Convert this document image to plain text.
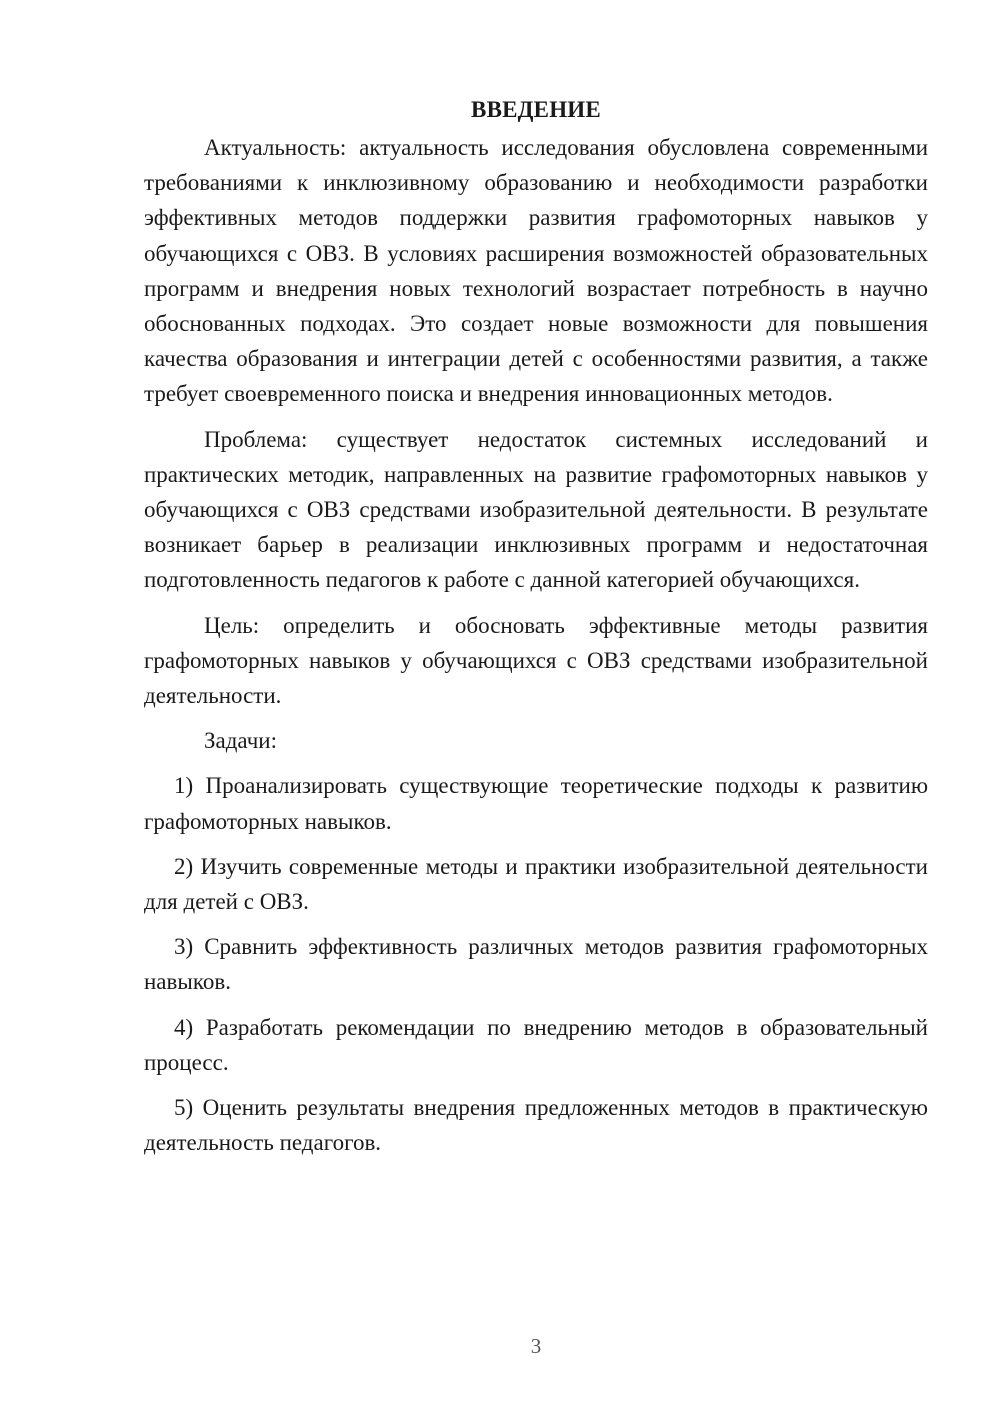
ВВЕДЕНИЕ

Актуальность: актуальность исследования обусловлена современными требованиями к инклюзивному образованию и необходимости разработки эффективных методов поддержки развития графомоторных навыков у обучающихся с ОВЗ. В условиях расширения возможностей образовательных программ и внедрения новых технологий возрастает потребность в научно обоснованных подходах. Это создает новые возможности для повышения качества образования и интеграции детей с особенностями развития, а также требует своевременного поиска и внедрения инновационных методов.

Проблема: существует недостаток системных исследований и практических методик, направленных на развитие графомоторных навыков у обучающихся с ОВЗ средствами изобразительной деятельности. В результате возникает барьер в реализации инклюзивных программ и недостаточная подготовленность педагогов к работе с данной категорией обучающихся.

Цель: определить и обосновать эффективные методы развития графомоторных навыков у обучающихся с ОВЗ средствами изобразительной деятельности.

Задачи:

1) Проанализировать существующие теоретические подходы к развитию графомоторных навыков.

2) Изучить современные методы и практики изобразительной деятельности для детей с ОВЗ.

3) Сравнить эффективность различных методов развития графомоторных навыков.

4) Разработать рекомендации по внедрению методов в образовательный процесс.

5) Оценить результаты внедрения предложенных методов в практическую деятельность педагогов.

3
